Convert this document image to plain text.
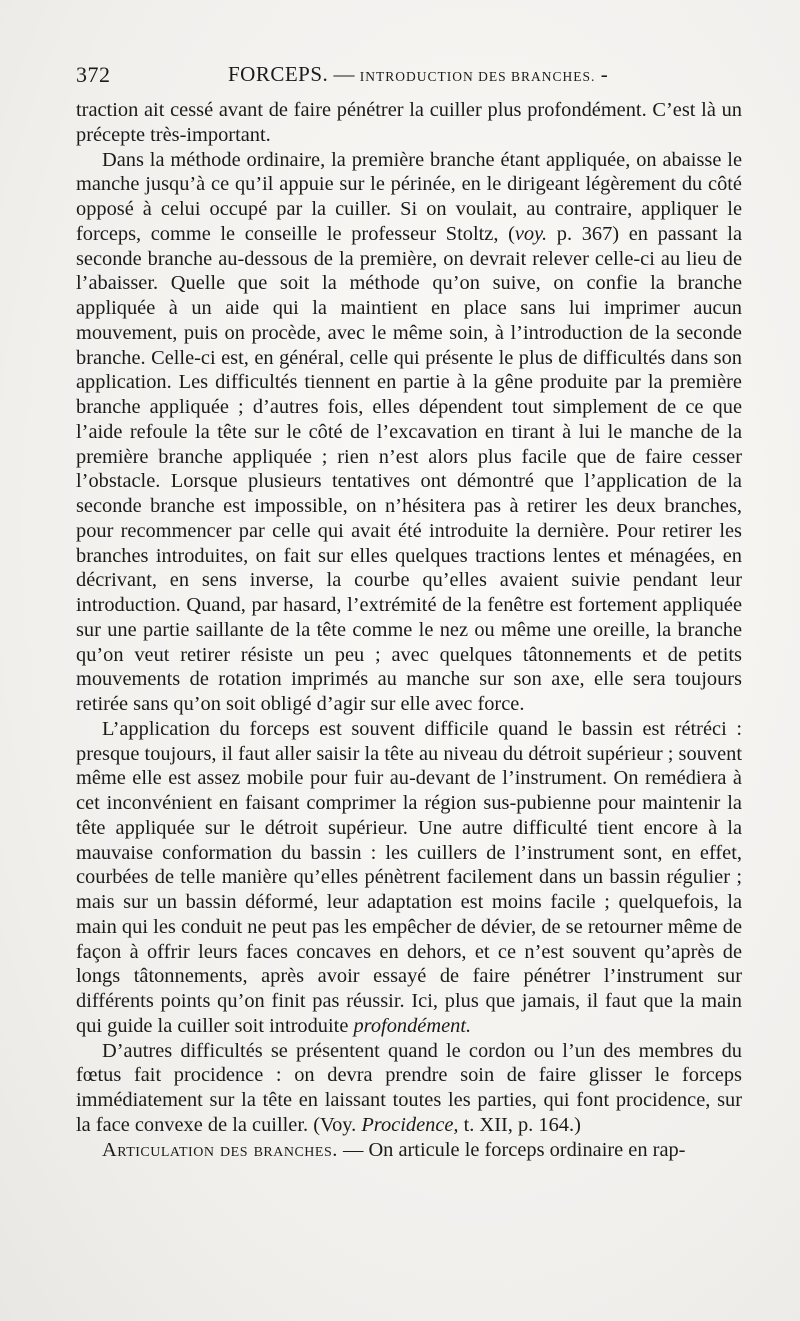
372	FORCEPS. — INTRODUCTION DES BRANCHES. -

traction ait cessé avant de faire pénétrer la cuiller plus profondément. C’est là un précepte très-important.

Dans la méthode ordinaire, la première branche étant appliquée, on abaisse le manche jusqu’à ce qu’il appuie sur le périnée, en le dirigeant légèrement du côté opposé à celui occupé par la cuiller. Si on voulait, au contraire, appliquer le forceps, comme le conseille le professeur Stoltz, (voy. p. 367) en passant la seconde branche au-dessous de la première, on devrait relever celle-ci au lieu de l’abaisser. Quelle que soit la méthode qu’on suive, on confie la branche appliquée à un aide qui la maintient en place sans lui imprimer aucun mouvement, puis on procède, avec le même soin, à l’introduction de la seconde branche. Celle-ci est, en général, celle qui présente le plus de difficultés dans son application. Les difficultés tiennent en partie à la gêne produite par la première branche appliquée ; d’autres fois, elles dépendent tout simplement de ce que l’aide refoule la tête sur le côté de l’excavation en tirant à lui le manche de la première branche appliquée ; rien n’est alors plus facile que de faire cesser l’obstacle. Lorsque plusieurs tentatives ont démontré que l’application de la seconde branche est impossible, on n’hésitera pas à retirer les deux branches, pour recommencer par celle qui avait été introduite la dernière. Pour retirer les branches introduites, on fait sur elles quelques tractions lentes et ménagées, en décrivant, en sens inverse, la courbe qu’elles avaient suivie pendant leur introduction. Quand, par hasard, l’extrémité de la fenêtre est fortement appliquée sur une partie saillante de la tête comme le nez ou même une oreille, la branche qu’on veut retirer résiste un peu ; avec quelques tâtonnements et de petits mouvements de rotation imprimés au manche sur son axe, elle sera toujours retirée sans qu’on soit obligé d’agir sur elle avec force.

L’application du forceps est souvent difficile quand le bassin est rétréci : presque toujours, il faut aller saisir la tête au niveau du détroit supérieur ; souvent même elle est assez mobile pour fuir au-devant de l’instrument. On remédiera à cet inconvénient en faisant comprimer la région sus-pubienne pour maintenir la tête appliquée sur le détroit supérieur. Une autre difficulté tient encore à la mauvaise conformation du bassin : les cuillers de l’instrument sont, en effet, courbées de telle manière qu’elles pénètrent facilement dans un bassin régulier ; mais sur un bassin déformé, leur adaptation est moins facile ; quelquefois, la main qui les conduit ne peut pas les empêcher de dévier, de se retourner même de façon à offrir leurs faces concaves en dehors, et ce n’est souvent qu’après de longs tâtonnements, après avoir essayé de faire pénétrer l’instrument sur différents points qu’on finit pas réussir. Ici, plus que jamais, il faut que la main qui guide la cuiller soit introduite profondément.

D’autres difficultés se présentent quand le cordon ou l’un des membres du fœtus fait procidence : on devra prendre soin de faire glisser le forceps immédiatement sur la tête en laissant toutes les parties, qui font procidence, sur la face convexe de la cuiller. (Voy. Procidence, t. XII, p. 164.)

Articulation des branches. — On articule le forceps ordinaire en rap-
